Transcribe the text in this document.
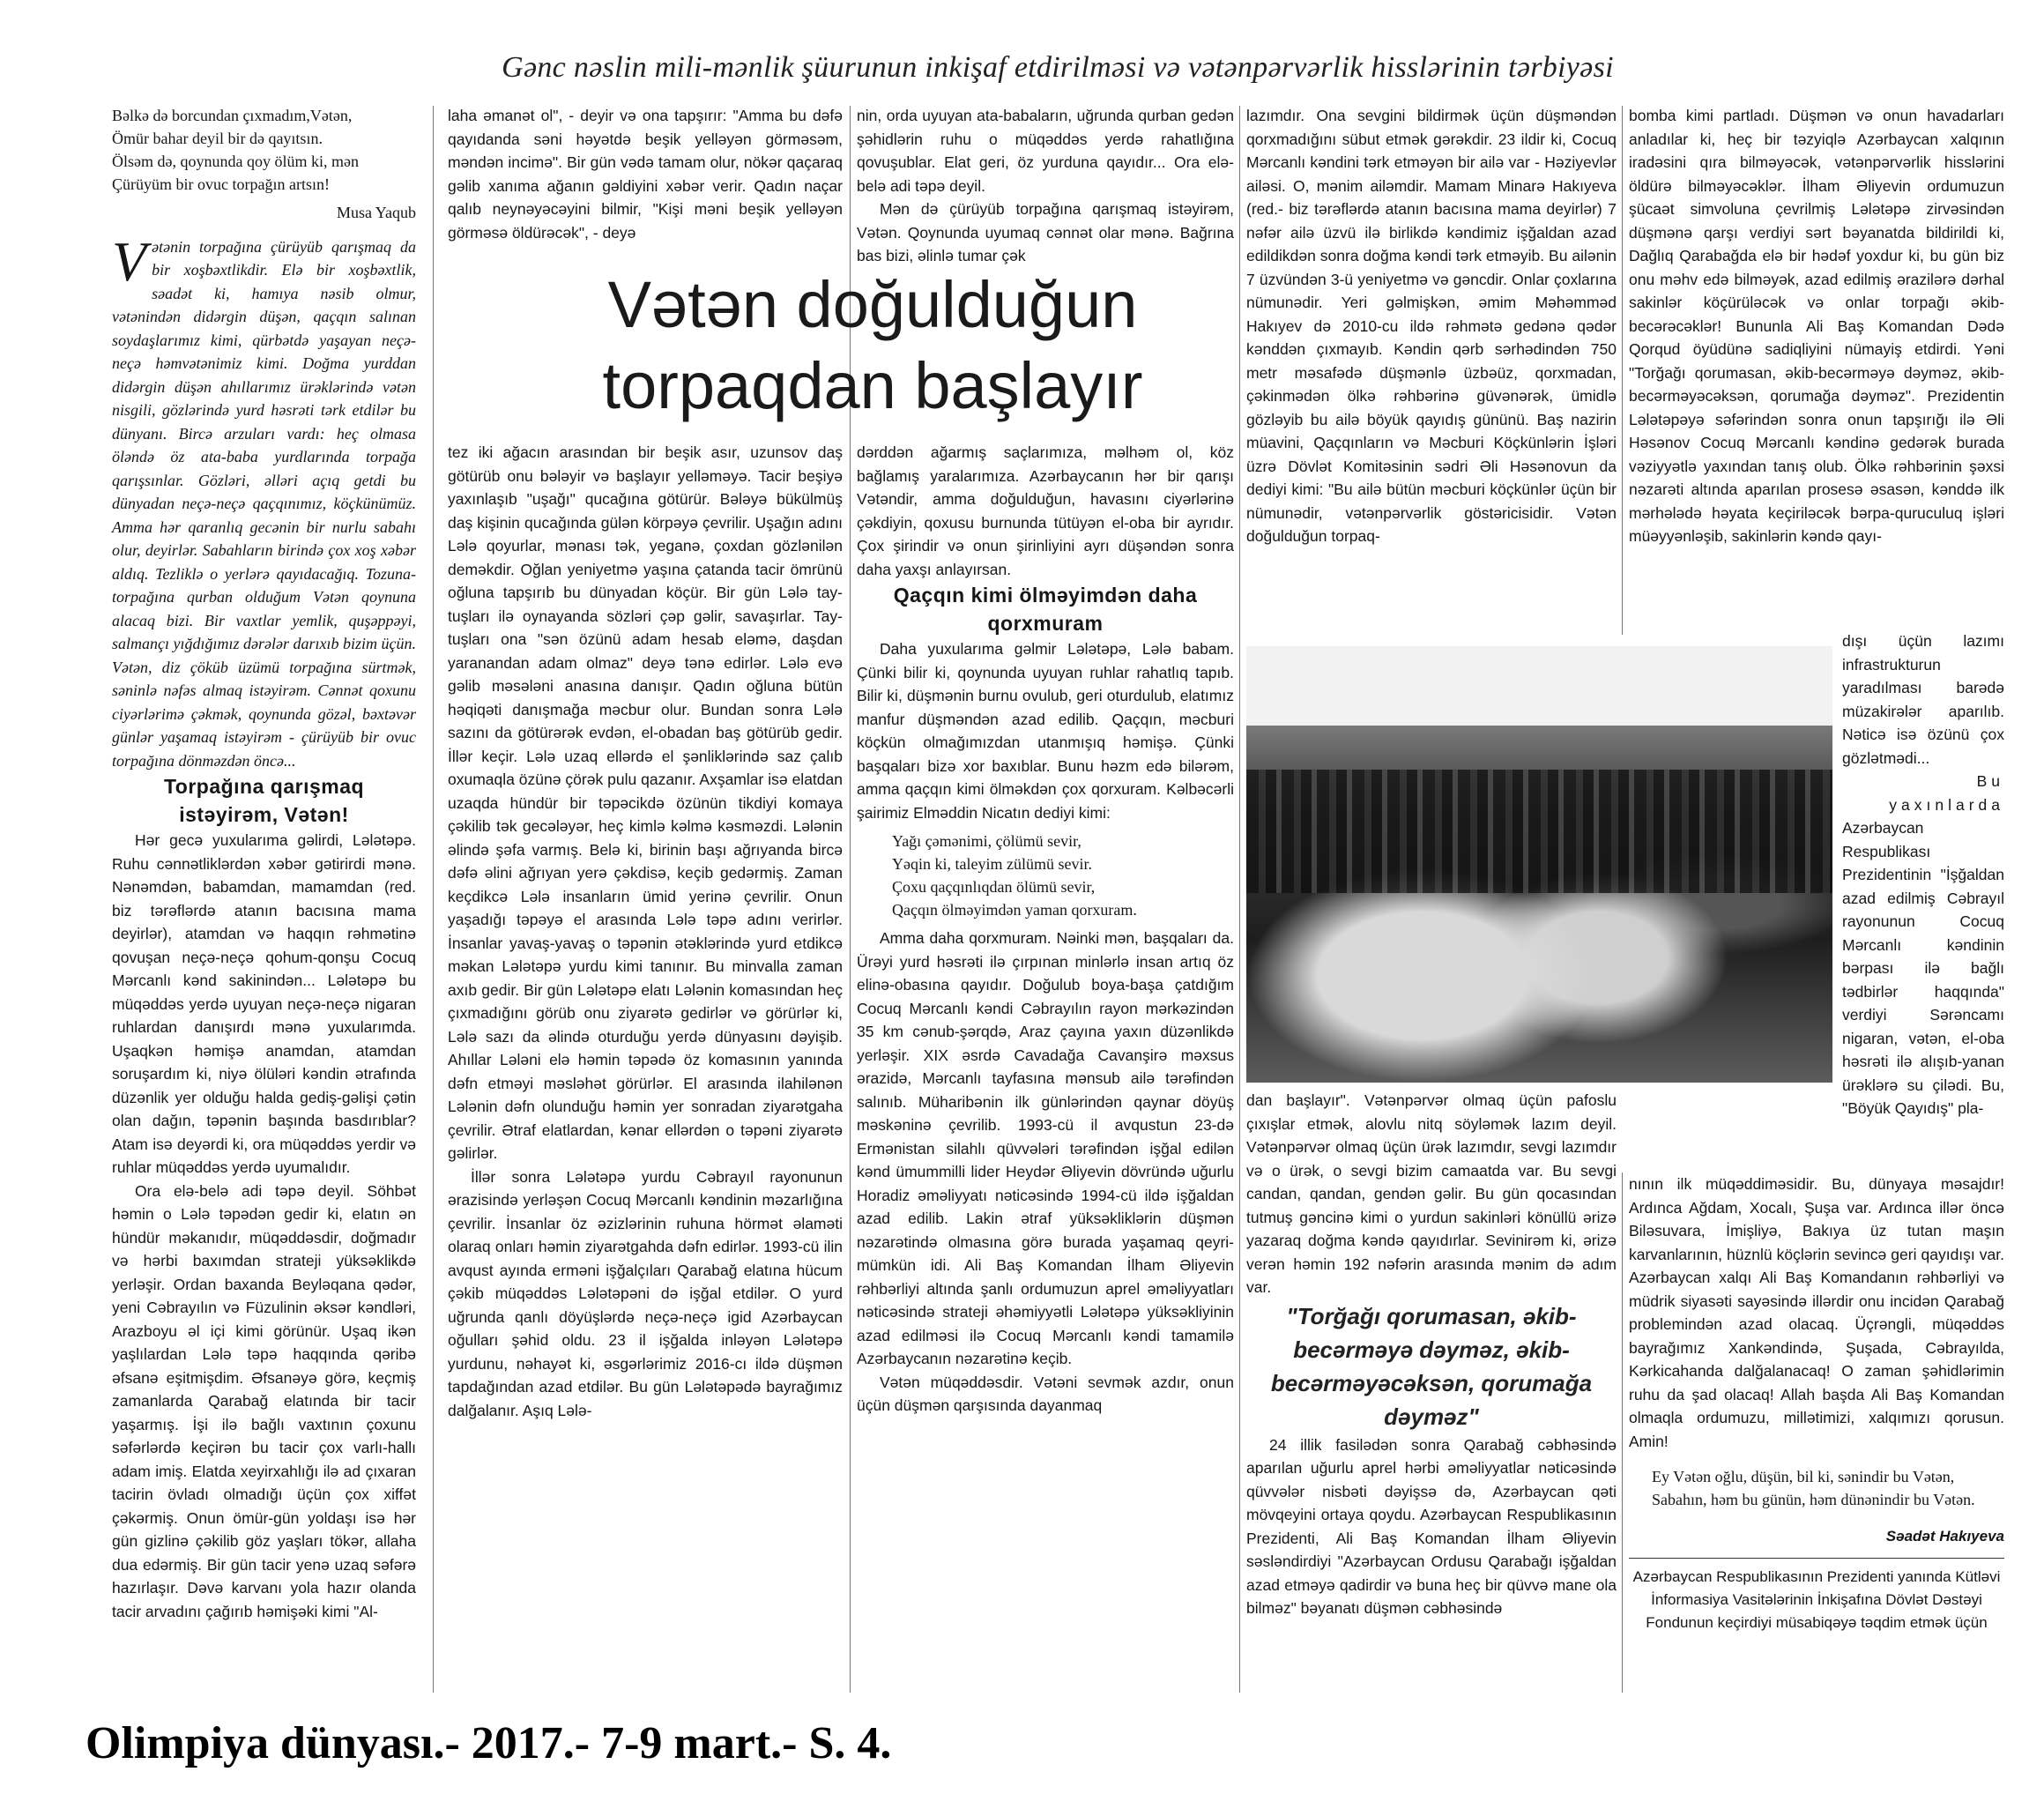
Gənc nəslin mili-mənlik şüurunun inkişaf etdirilməsi və vətənpərvərlik hisslərinin tərbiyəsi

Bəlkə də borcundan çıxmadım,Vətən,

Ömür bahar deyil bir də qayıtsın.

Ölsəm də, qoynunda qoy ölüm ki, mən

Çürüyüm bir ovuc torpağın artsın!

Musa Yaqub
Vətənin torpağına çürüyüb qarışmaq da bir xoşbəxtlikdir. Elə bir xoşbəxtlik, səadət ki, hamıya nəsib olmur, vətənindən didərgin düşən, qaçqın salınan soydaşlarımız kimi, qürbətdə yaşayan neçə-neçə həmvətənimiz kimi. Doğma yurddan didərgin düşən ahıllarımız ürəklərində vətən nisgili, gözlərində yurd həsrəti tərk etdilər bu dünyanı. Bircə arzuları vardı: heç olmasa öləndə öz ata-baba yurdlarında torpağa qarışsınlar. Gözləri, əlləri açıq getdi bu dünyadan neçə-neçə qaçqınımız, köçkünümüz. Amma hər qaranlıq gecənin bir nurlu sabahı olur, deyirlər. Sabahların birində çox xoş xəbər aldıq. Tezliklə o yerlərə qayıdacağıq. Tozuna-torpağına qurban olduğum Vətən qoynuna alacaq bizi. Bir vaxtlar yemlik, quşəppəyi, salmançı yığdığımız dərələr darıxıb bizim üçün. Vətən, diz çöküb üzümü torpağına sürtmək, səninlə nəfəs almaq istəyirəm. Cənnət qoxunu ciyərlərimə çəkmək, qoynunda gözəl, bəxtəvər günlər yaşamaq istəyirəm - çürüyüb bir ovuc torpağına dönməzdən öncə...

Torpağına qarışmaq istəyirəm, Vətən!

Hər gecə yuxularıma gəlirdi, Lələtəpə. Ruhu cənnətliklərdən xəbər gətirirdi mənə. Nənəmdən, babamdan, mamamdan (red. biz tərəflərdə atanın bacısına mama deyirlər), atamdan və haqqın rəhmətinə qovuşan neçə-neçə qohum-qonşu Cocuq Mərcanlı kənd sakinindən... Lələtəpə bu müqəddəs yerdə uyuyan neçə-neçə nigaran ruhlardan danışırdı mənə yuxularımda. Uşaqkən həmişə anamdan, atamdan soruşardım ki, niyə ölüləri kəndin ətrafında düzənlik yer olduğu halda gediş-gəlişi çətin olan dağın, təpənin başında basdırıblar? Atam isə deyərdi ki, ora müqəddəs yerdir və ruhlar müqəddəs yerdə uyumalıdır.

Ora elə-belə adi təpə deyil. Söhbət həmin o Lələ təpədən gedir ki, elatın ən hündür məkanıdır, müqəddəsdir, doğmadır və hərbi baxımdan strateji yüksəklikdə yerləşir. Ordan baxanda Beyləqana qədər, yeni Cəbrayılın və Füzulinin əksər kəndləri, Arazboyu əl içi kimi görünür. Uşaq ikən yaşlılardan Lələ təpə haqqında qəribə əfsanə eşitmişdim. Əfsanəyə görə, keçmiş zamanlarda Qarabağ elatında bir tacir yaşarmış. İşi ilə bağlı vaxtının çoxunu səfərlərdə keçirən bu tacir çox varlı-hallı adam imiş. Elatda xeyirxahlığı ilə ad çıxaran tacirin övladı olmadığı üçün çox xiffət çəkərmiş. Onun ömür-gün yoldaşı isə hər gün gizlinə çəkilib göz yaşları tökər, allaha dua edərmiş. Bir gün tacir yenə uzaq səfərə hazırlaşır. Dəvə karvanı yola hazır olanda tacir arvadını çağırıb həmişəki kimi "Al-

laha əmanət ol", - deyir və ona tapşırır: "Amma bu dəfə qayıdanda səni həyətdə beşik yelləyən görməsəm, məndən incimə". Bir gün vədə tamam olur, nökər qaçaraq gəlib xanıma ağanın gəldiyini xəbər verir. Qadın naçar qalıb neynəyəcəyini bilmir, "Kişi məni beşik yelləyən görməsə öldürəcək", - deyə

Vətən doğulduğun torpaqdan başlayır

tez iki ağacın arasından bir beşik asır, uzunsov daş götürüb onu bələyir və başlayır yelləməyə. Tacir beşiyə yaxınlaşıb "uşağı" qucağına götürür. Bələyə bükülmüş daş kişinin qucağında gülən körpəyə çevrilir. Uşağın adını Lələ qoyurlar, mənası tək, yeganə, çoxdan gözlənilən deməkdir. Oğlan yeniyetmə yaşına çatanda tacir ömrünü oğluna tapşırıb bu dünyadan köçür. Bir gün Lələ tay-tuşları ilə oynayanda sözləri çəp gəlir, savaşırlar. Tay-tuşları ona "sən özünü adam hesab eləmə, daşdan yaranandan adam olmaz" deyə tənə edirlər. Lələ evə gəlib məsələni anasına danışır. Qadın oğluna bütün həqiqəti danışmağa məcbur olur. Bundan sonra Lələ sazını da götürərək evdən, el-obadan baş götürüb gedir. İllər keçir. Lələ uzaq ellərdə el şənliklərində saz çalıb oxumaqla özünə çörək pulu qazanır. Axşamlar isə elatdan uzaqda hündür bir təpəcikdə özünün tikdiyi komaya çəkilib tək gecələyər, heç kimlə kəlmə kəsməzdi. Lələnin əlində şəfa varmış. Belə ki, birinin başı ağrıyanda bircə dəfə əlini ağrıyan yerə çəkdisə, keçib gedərmiş. Zaman keçdikcə Lələ insanların ümid yerinə çevrilir. Onun yaşadığı təpəyə el arasında Lələ təpə adını verirlər. İnsanlar yavaş-yavaş o təpənin ətəklərində yurd etdikcə məkan Lələtəpə yurdu kimi tanınır. Bu minvalla zaman axıb gedir. Bir gün Lələtəpə elatı Lələnin komasından heç çıxmadığını görüb onu ziyarətə gedirlər və görürlər ki, Lələ sazı da əlində oturduğu yerdə dünyasını dəyişib. Ahıllar Lələni elə həmin təpədə öz komasının yanında dəfn etməyi məsləhət görürlər. El arasında ilahilənən Lələnin dəfn olunduğu həmin yer sonradan ziyarətgaha çevrilir. Ətraf elatlardan, kənar ellərdən o təpəni ziyarətə gəlirlər.

İllər sonra Lələtəpə yurdu Cəbrayıl rayonunun ərazisində yerləşən Cocuq Mərcanlı kəndinin məzarlığına çevrilir. İnsanlar öz əzizlərinin ruhuna hörmət əlaməti olaraq onları həmin ziyarətgahda dəfn edirlər. 1993-cü ilin avqust ayında erməni işğalçıları Qarabağ elatına hücum çəkib müqəddəs Lələtəpəni də işğal etdilər. O yurd uğrunda qanlı döyüşlərdə neçə-neçə igid Azərbaycan oğulları şəhid oldu. 23 il işğalda inləyən Lələtəpə yurdunu, nəhayət ki, əsgərlərimiz 2016-cı ildə düşmən tapdağından azad etdilər. Bu gün Lələtəpədə bayrağımız dalğalanır. Aşıq Lələ-

nin, orda uyuyan ata-babaların, uğrunda qurban gedən şəhidlərin ruhu o müqəddəs yerdə rahatlığına qovuşublar. Elat geri, öz yurduna qayıdır... Ora elə-belə adi təpə deyil.

Mən də çürüyüb torpağına qarışmaq istəyirəm, Vətən. Qoynunda uyumaq cənnət olar mənə. Bağrına bas bizi, əlinlə tumar çək

dərddən ağarmış saçlarımıza, məlhəm ol, köz bağlamış yaralarımıza. Azərbaycanın hər bir qarışı Vətəndir, amma doğulduğun, havasını ciyərlərinə çəkdiyin, qoxusu burnunda tütüyən el-oba bir ayrıdır. Çox şirindir və onun şirinliyini ayrı düşəndən sonra daha yaxşı anlayırsan.

Qaçqın kimi ölməyimdən daha qorxmuram

Daha yuxularıma gəlmir Lələtəpə, Lələ babam. Çünki bilir ki, qoynunda uyuyan ruhlar rahatlıq tapıb. Bilir ki, düşmənin burnu ovulub, geri oturdulub, elatımız manfur düşməndən azad edilib. Qaçqın, məcburi köçkün olmağımızdan utanmışıq həmişə. Çünki başqaları bizə xor baxıblar. Bunu həzm edə bilərəm, amma qaçqın kimi ölməkdən çox qorxuram. Kəlbəcərli şairimiz Elməddin Nicatın dediyi kimi:

Yağı çəmənimi, çölümü sevir,

Yəqin ki, taleyim zülümü sevir.

Çoxu qaçqınlıqdan ölümü sevir,

Qaçqın ölməyimdən yaman qorxuram.

Amma daha qorxmuram. Nəinki mən, başqaları da. Ürəyi yurd həsrəti ilə çırpınan minlərlə insan artıq öz elinə-obasına qayıdır. Doğulub boya-başa çatdığım Cocuq Mərcanlı kəndi Cəbrayılın rayon mərkəzindən 35 km cənub-şərqdə, Araz çayına yaxın düzənlikdə yerləşir. XIX əsrdə Cavadağa Cavanşirə məxsus ərazidə, Mərcanlı tayfasına mənsub ailə tərəfindən salınıb. Müharibənin ilk günlərindən qaynar döyüş məskəninə çevrilib. 1993-cü il avqustun 23-də Ermənistan silahlı qüvvələri tərəfindən işğal edilən kənd ümummilli lider Heydər Əliyevin dövründə uğurlu Horadiz əməliyyatı nəticəsində 1994-cü ildə işğaldan azad edilib. Lakin ətraf yüksəkliklərin düşmən nəzarətində olmasına görə burada yaşamaq qeyri-mümkün idi. Ali Baş Komandan İlham Əliyevin rəhbərliyi altında şanlı ordumuzun aprel əməliyyatları nəticəsində strateji əhəmiyyətli Lələtəpə yüksəkliyinin azad edilməsi ilə Cocuq Mərcanlı kəndi tamamilə Azərbaycanın nəzarətinə keçib.

Vətən müqəddəsdir. Vətəni sevmək azdır, onun üçün düşmən qarşısında dayanmaq

lazımdır. Ona sevgini bildirmək üçün düşməndən qorxmadığını sübut etmək gərəkdir. 23 ildir ki, Cocuq Mərcanlı kəndini tərk etməyən bir ailə var - Həziyevlər ailəsi. O, mənim ailəmdir. Mamam Minarə Hakıyeva (red.- biz tərəflərdə atanın bacısına mama deyirlər) 7 nəfər ailə üzvü ilə birlikdə kəndimiz işğaldan azad edildikdən sonra doğma kəndi tərk etməyib. Bu ailənin 7 üzvündən 3-ü yeniyetmə və gəncdir. Onlar çoxlarına nümunədir. Yeri gəlmişkən, əmim Məhəmməd Hakıyev də 2010-cu ildə rəhmətə gedənə qədər kənddən çıxmayıb. Kəndin qərb sərhədindən 750 metr məsafədə düşmənlə üzbəüz, qorxmadan, çəkinmədən ölkə rəhbərinə güvənərək, ümidlə gözləyib bu ailə böyük qayıdış gününü. Baş nazirin müavini, Qaçqınların və Məcburi Köçkünlərin İşləri üzrə Dövlət Komitəsinin sədri Əli Həsənovun da dediyi kimi: "Bu ailə bütün məcburi köçkünlər üçün bir nümunədir, vətənpərvərlik göstəricisidir. Vətən doğulduğun torpaq-

dan başlayır". Vətənpərvər olmaq üçün pafoslu çıxışlar etmək, alovlu nitq söyləmək lazım deyil. Vətənpərvər olmaq üçün ürək lazımdır, sevgi lazımdır və o ürək, o sevgi bizim camaatda var. Bu sevgi candan, qandan, gendən gəlir. Bu gün qocasından tutmuş gəncinə kimi o yurdun sakinləri könüllü ərizə yazaraq doğma kəndə qayıdırlar. Sevinirəm ki, ərizə verən həmin 192 nəfərin arasında mənim də adım var.

"Torğağı qorumasan, əkib-becərməyə dəyməz, əkib-becərməyəcəksən, qorumağa dəyməz"

24 illik fasilədən sonra Qarabağ cəbhəsində aparılan uğurlu aprel hərbi əməliyyatlar nəticəsində qüvvələr nisbəti dəyişsə də, Azərbaycan qəti mövqeyini ortaya qoydu. Azərbaycan Respublikasının Prezidenti, Ali Baş Komandan İlham Əliyevin səsləndirdiyi "Azərbaycan Ordusu Qarabağı işğaldan azad etməyə qadirdir və buna heç bir qüvvə mane ola bilməz" bəyanatı düşmən cəbhəsində

bomba kimi partladı. Düşmən və onun havadarları anladılar ki, heç bir təzyiqlə Azərbaycan xalqının iradəsini qıra bilməyəcək, vətənpərvərlik hisslərini öldürə bilməyəcəklər. İlham Əliyevin ordumuzun şücaət simvoluna çevrilmiş Lələtəpə zirvəsindən düşmənə qarşı verdiyi sərt bəyanatda bildirildi ki, Dağlıq Qarabağda elə bir hədəf yoxdur ki, bu gün biz onu məhv edə bilməyək, azad edilmiş ərazilərə dərhal sakinlər köçürüləcək və onlar torpağı əkib-becərəcəklər! Bununla Ali Baş Komandan Dədə Qorqud öyüdünə sadiqliyini nümayiş etdirdi. Yəni "Torğağı qorumasan, əkib-becərməyə dəyməz, əkib-becərməyəcəksən, qorumağa dəyməz". Prezidentin Lələtəpəyə səfərindən sonra onun tapşırığı ilə Əli Həsənov Cocuq Mərcanlı kəndinə gedərək burada vəziyyətlə yaxından tanış olub. Ölkə rəhbərinin şəxsi nəzarəti altında aparılan prosesə əsasən, kənddə ilk mərhələdə həyata keçiriləcək bərpa-quruculuq işləri müəyyənləşib, sakinlərin kəndə qayı-

dışı üçün lazımı infrastrukturun yaradılması barədə müzakirələr aparılıb. Nəticə isə özünü çox gözlətmədi...

Bu yaxınlarda

Azərbaycan Respublikası Prezidentinin "İşğaldan azad edilmiş Cəbrayıl rayonunun Cocuq Mərcanlı kəndinin bərpası ilə bağlı tədbirlər haqqında" verdiyi Sərəncamı nigaran, vətən, el-oba həsrəti ilə alışıb-yanan ürəklərə su çilədi. Bu, "Böyük Qayıdış" pla-

nının ilk müqəddiməsidir. Bu, dünyaya məsajdır! Ardınca Ağdam, Xocalı, Şuşa var. Ardınca illər öncə Biləsuvara, İmişliyə, Bakıya üz tutan maşın karvanlarının, hüznlü köçlərin sevincə geri qayıdışı var. Azərbaycan xalqı Ali Baş Komandanın rəhbərliyi və müdrik siyasəti sayəsində illərdir onu incidən Qarabağ problemindən azad olacaq. Üçrəngli, müqəddəs bayrağımız Xankəndində, Şuşada, Cəbrayılda, Kərkicahanda dalğalanacaq! O zaman şəhidlərimin ruhu da şad olacaq! Allah başda Ali Baş Komandan olmaqla ordumuzu, millətimizi, xalqımızı qorusun. Amin!

Ey Vətən oğlu, düşün, bil ki, sənindir bu Vətən,

Sabahın, həm bu günün, həm dünənindir bu Vətən.

Səadət Hakıyeva
Azərbaycan Respublikasının Prezidenti yanında Kütləvi İnformasiya Vasitələrinin İnkişafına Dövlət Dəstəyi Fondunun keçirdiyi müsabiqəyə təqdim etmək üçün
Olimpiya dünyası.- 2017.- 7-9 mart.- S. 4.
